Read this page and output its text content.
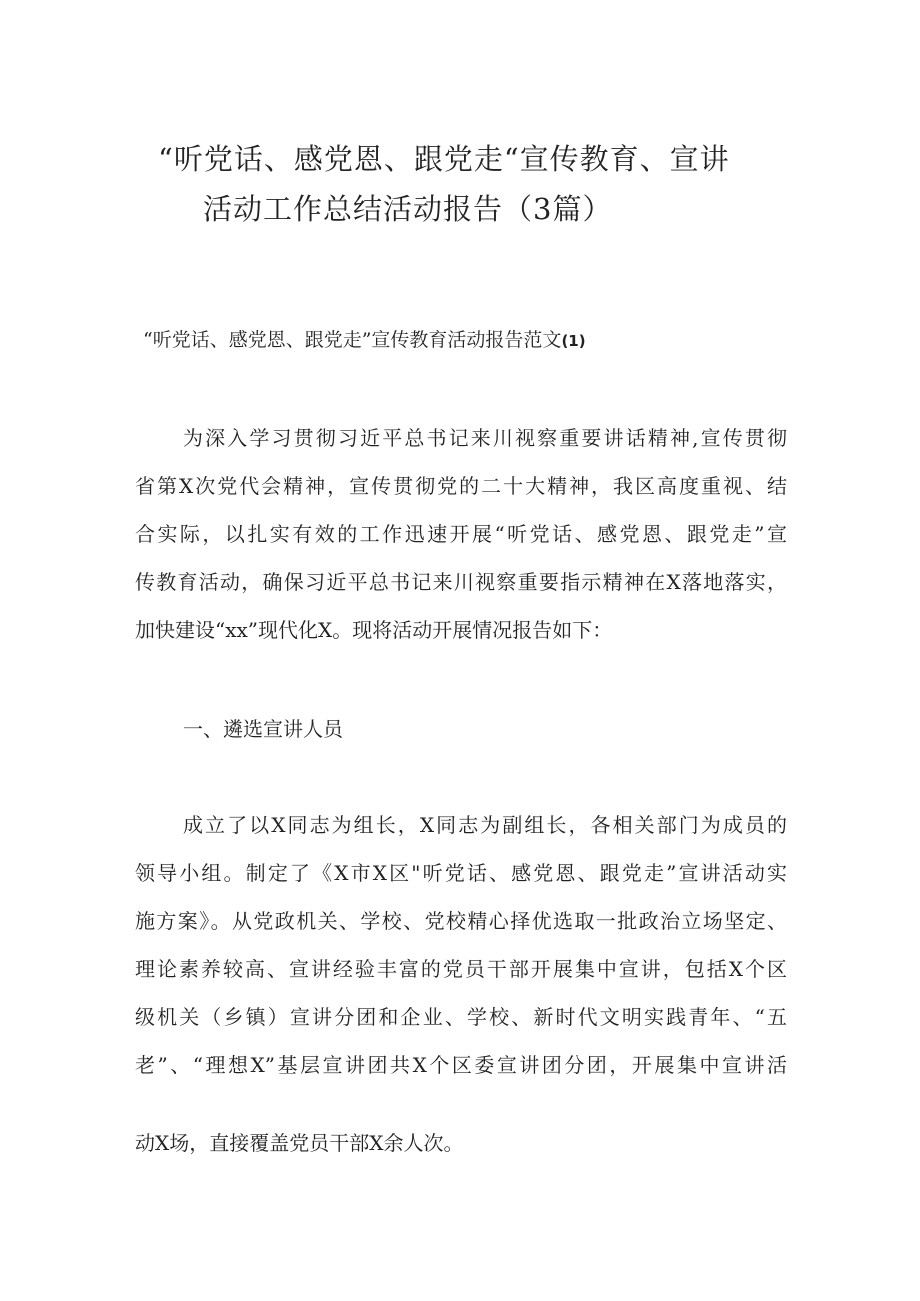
“听党话、感党恩、跟党走“宣传教育、宣讲
活动工作总结活动报告（3篇）
“听党话、感党恩、跟党走”宣传教育活动报告范文(1)
为深入学习贯彻习近平总书记来川视察重要讲话精神,宣传贯彻
省第X次党代会精神，宣传贯彻党的二十大精神，我区高度重视、结
合实际，以扎实有效的工作迅速开展“听党话、感党恩、跟党走”宣
传教育活动，确保习近平总书记来川视察重要指示精神在X落地落实，
加快建设“xx”现代化X。现将活动开展情况报告如下：
一、遴选宣讲人员
成立了以X同志为组长，X同志为副组长，各相关部门为成员的
领导小组。制定了《X市X区"听党话、感党恩、跟党走”宣讲活动实
施方案》。从党政机关、学校、党校精心择优选取一批政治立场坚定、
理论素养较高、宣讲经验丰富的党员干部开展集中宣讲，包括X个区
级机关（乡镇）宣讲分团和企业、学校、新时代文明实践青年、“五
老”、“理想X”基层宣讲团共X个区委宣讲团分团，开展集中宣讲活
动X场，直接覆盖党员干部X余人次。
